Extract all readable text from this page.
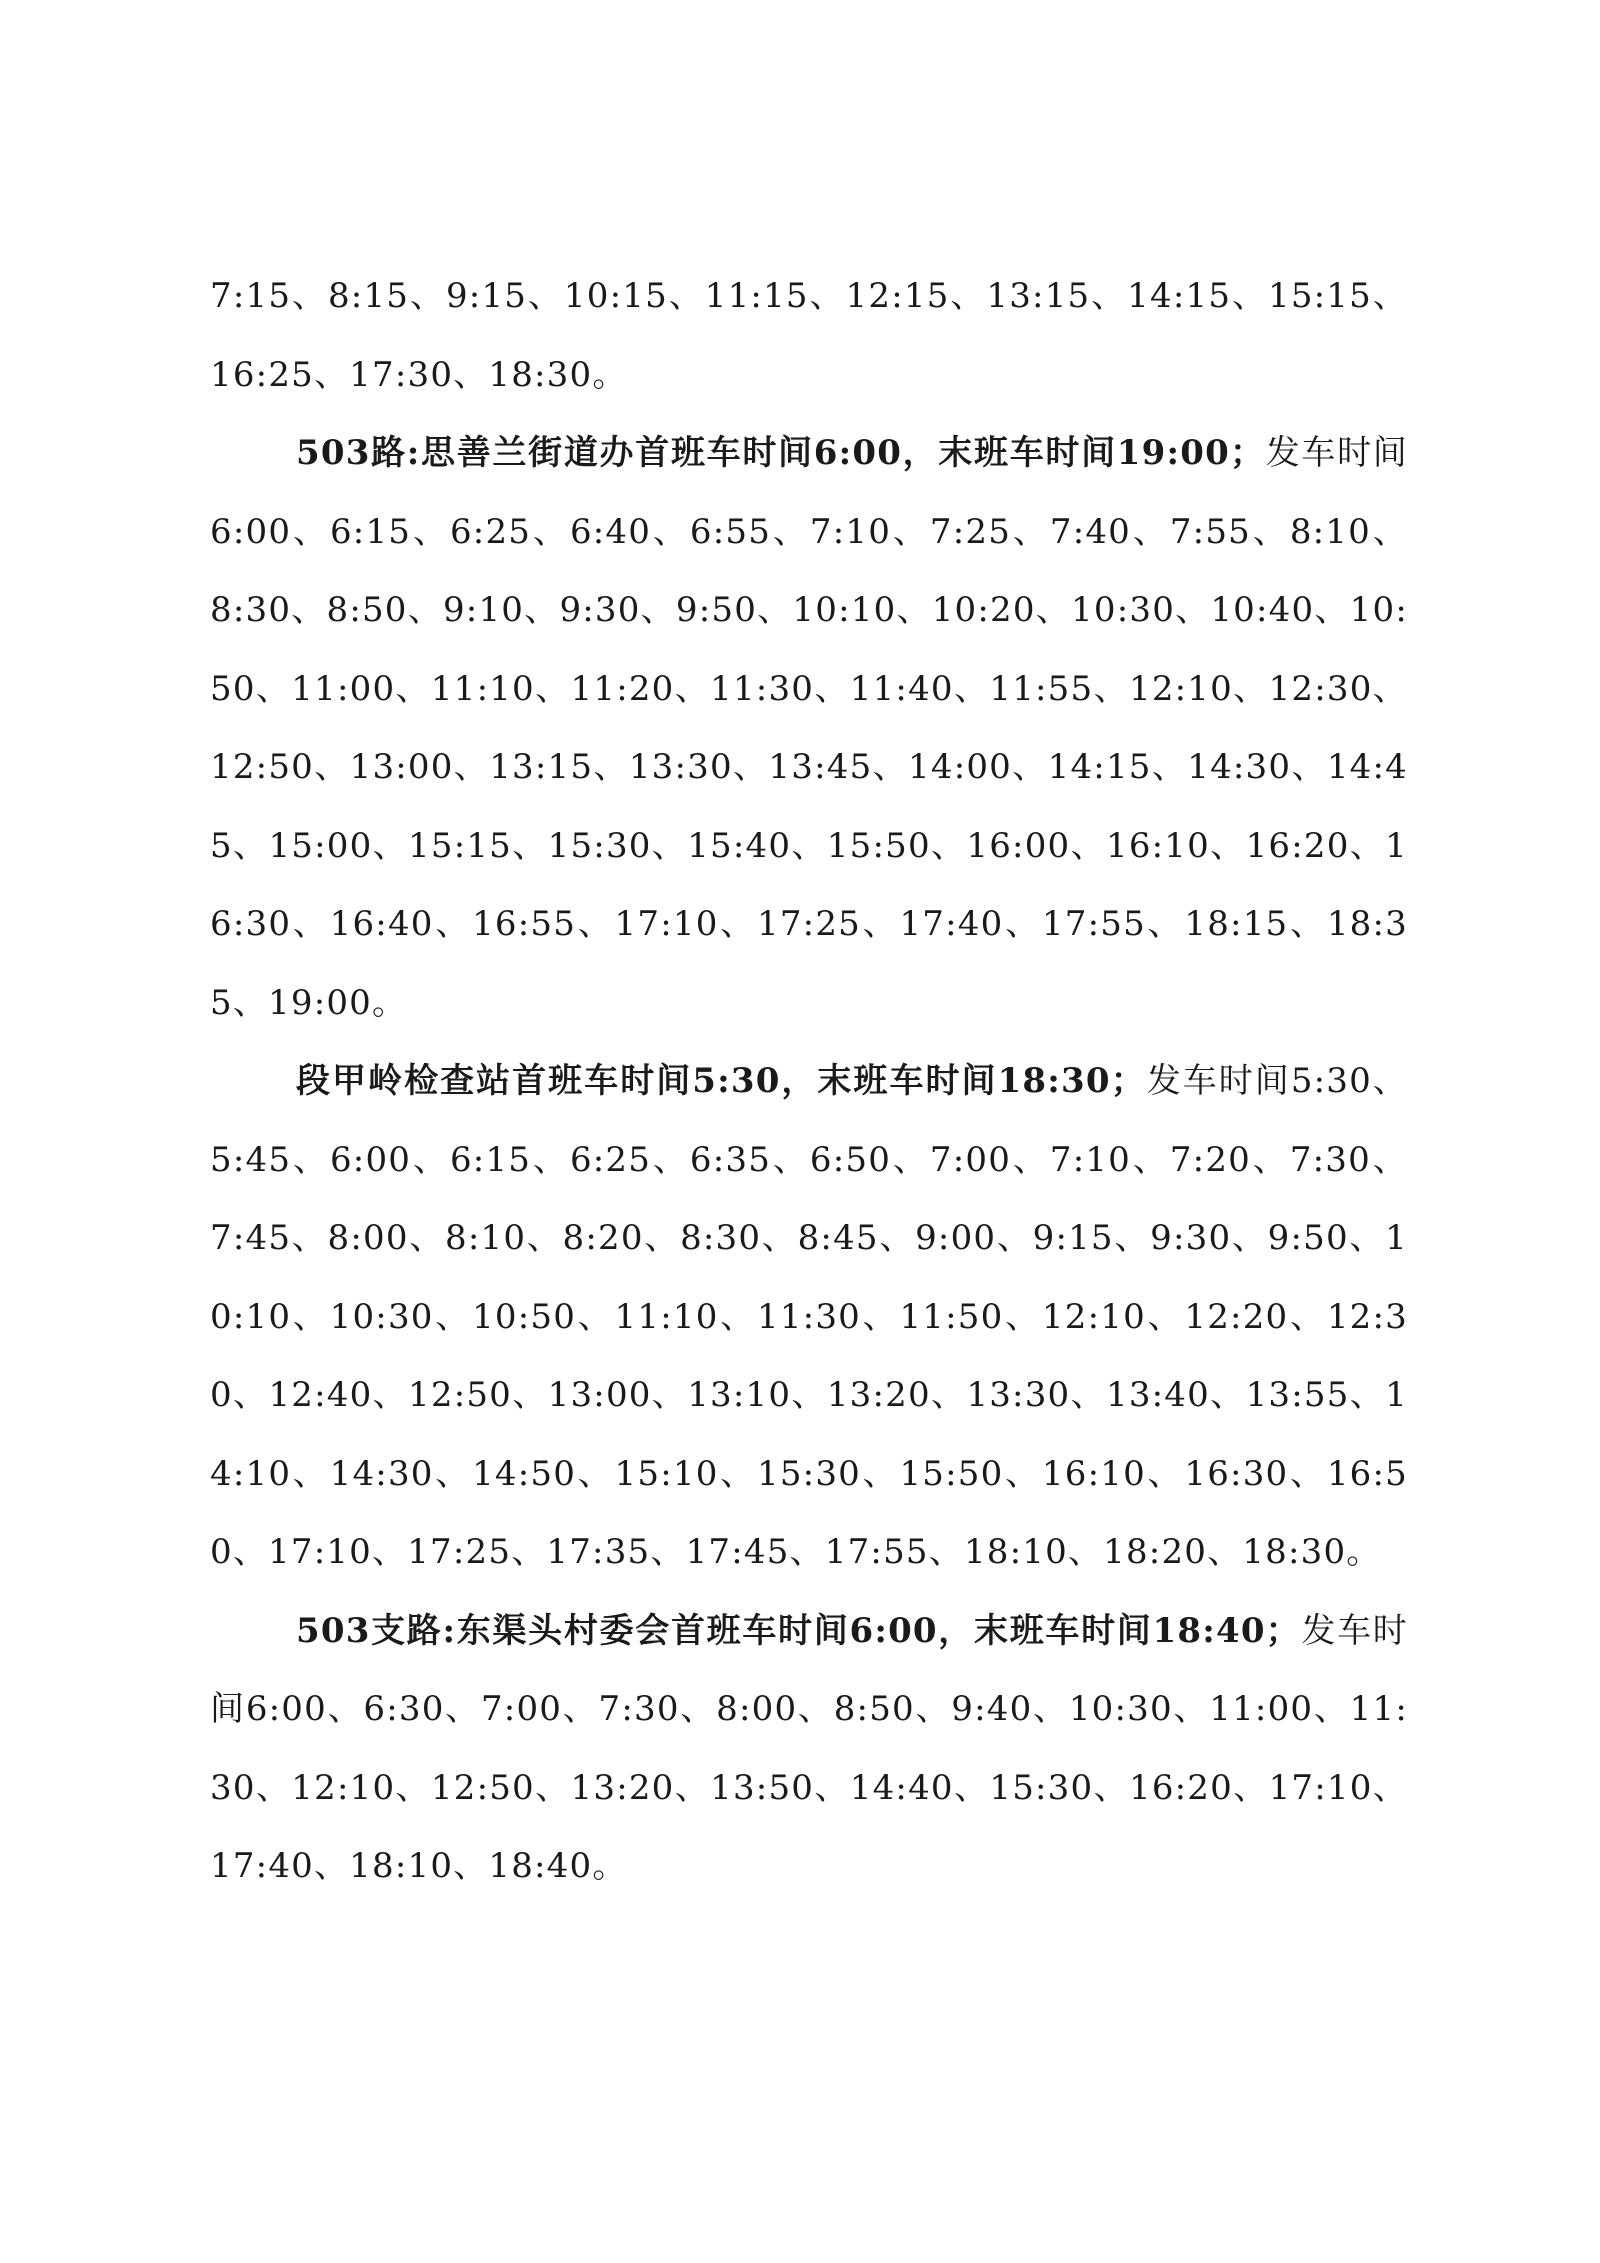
7:15、8:15、9:15、10:15、11:15、12:15、13:15、14:15、15:15、16:25、17:30、18:30。

503路:思善兰街道办首班车时间6:00，末班车时间19:00；发车时间6:00、6:15、6:25、6:40、6:55、7:10、7:25、7:40、7:55、8:10、8:30、8:50、9:10、9:30、9:50、10:10、10:20、10:30、10:40、10:50、11:00、11:10、11:20、11:30、11:40、11:55、12:10、12:30、12:50、13:00、13:15、13:30、13:45、14:00、14:15、14:30、14:45、15:00、15:15、15:30、15:40、15:50、16:00、16:10、16:20、16:30、16:40、16:55、17:10、17:25、17:40、17:55、18:15、18:35、19:00。

段甲岭检查站首班车时间5:30，末班车时间18:30；发车时间5:30、5:45、6:00、6:15、6:25、6:35、6:50、7:00、7:10、7:20、7:30、7:45、8:00、8:10、8:20、8:30、8:45、9:00、9:15、9:30、9:50、10:10、10:30、10:50、11:10、11:30、11:50、12:10、12:20、12:30、12:40、12:50、13:00、13:10、13:20、13:30、13:40、13:55、14:10、14:30、14:50、15:10、15:30、15:50、16:10、16:30、16:50、17:10、17:25、17:35、17:45、17:55、18:10、18:20、18:30。

503支路:东渠头村委会首班车时间6:00，末班车时间18:40；发车时间6:00、6:30、7:00、7:30、8:00、8:50、9:40、10:30、11:00、11:30、12:10、12:50、13:20、13:50、14:40、15:30、16:20、17:10、17:40、18:10、18:40。
